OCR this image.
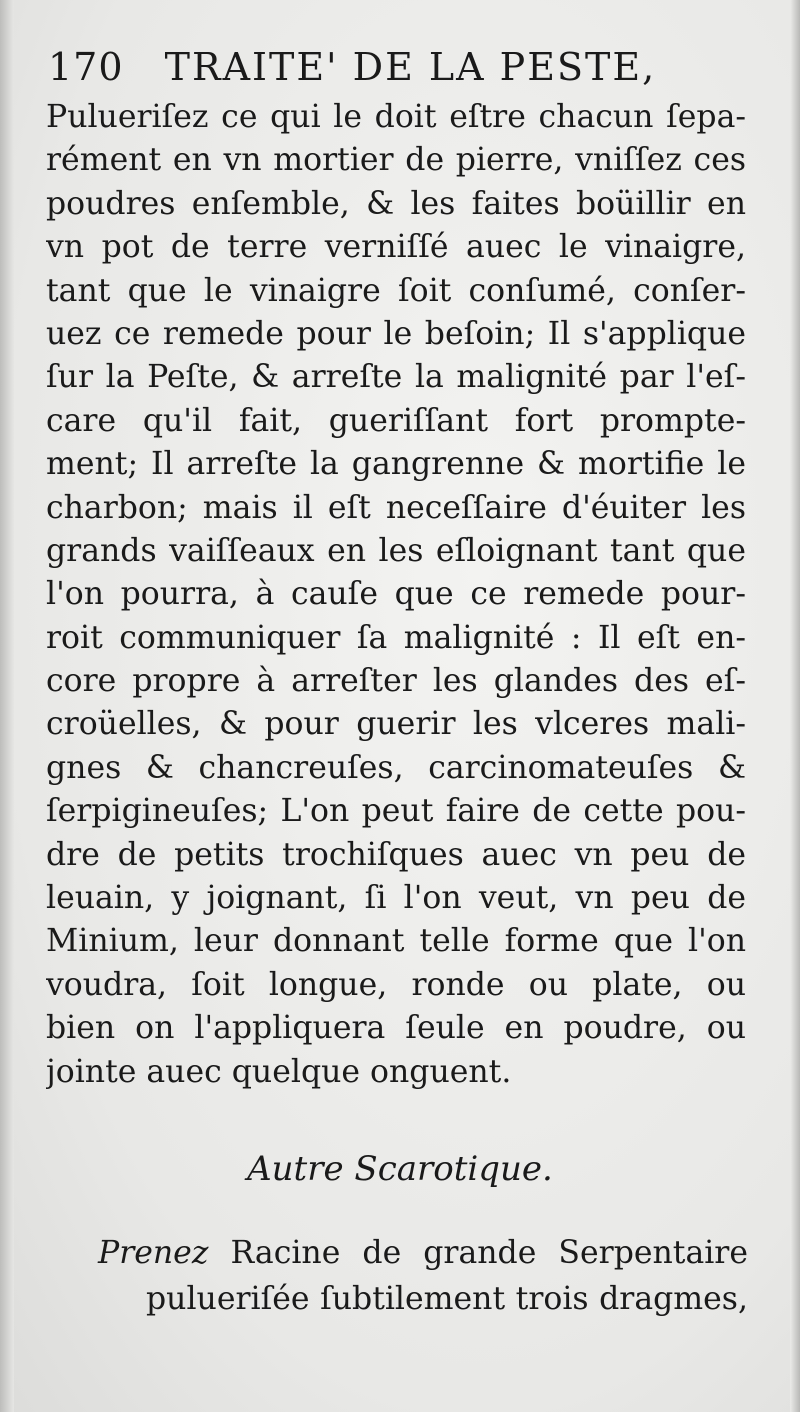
170 TRAITE' DE LA PESTE,
Pulueriſez ce qui le doit eſtre chacun ſepa-
rément en vn mortier de pierre, vniſſez ces
poudres enſemble, & les faites boüillir en
vn pot de terre verniſſé auec le vinaigre,
tant que le vinaigre ſoit conſumé, conſer-
uez ce remede pour le beſoin; Il s'applique
ſur la Peſte, & arreſte la malignité par l'eſ-
care qu'il fait, gueriſſant fort prompte-
ment; Il arreſte la gangrenne & mortifie le
charbon; mais il eſt neceſſaire d'éuiter les
grands vaiſſeaux en les eſloignant tant que
l'on pourra, à cauſe que ce remede pour-
roit communiquer ſa malignité : Il eſt en-
core propre à arreſter les glandes des eſ-
croüelles, & pour guerir les vlceres mali-
gnes & chancreuſes, carcinomateuſes &
ſerpigineuſes; L'on peut faire de cette pou-
dre de petits trochiſques auec vn peu de
leuain, y joignant, ſi l'on veut, vn peu de
Minium, leur donnant telle forme que l'on
voudra, ſoit longue, ronde ou plate, ou
bien on l'appliquera ſeule en poudre, ou
jointe auec quelque onguent.
Autre Scarotique.
Prenez Racine de grande Serpentaire
pulueriſée ſubtilement trois dragmes,
